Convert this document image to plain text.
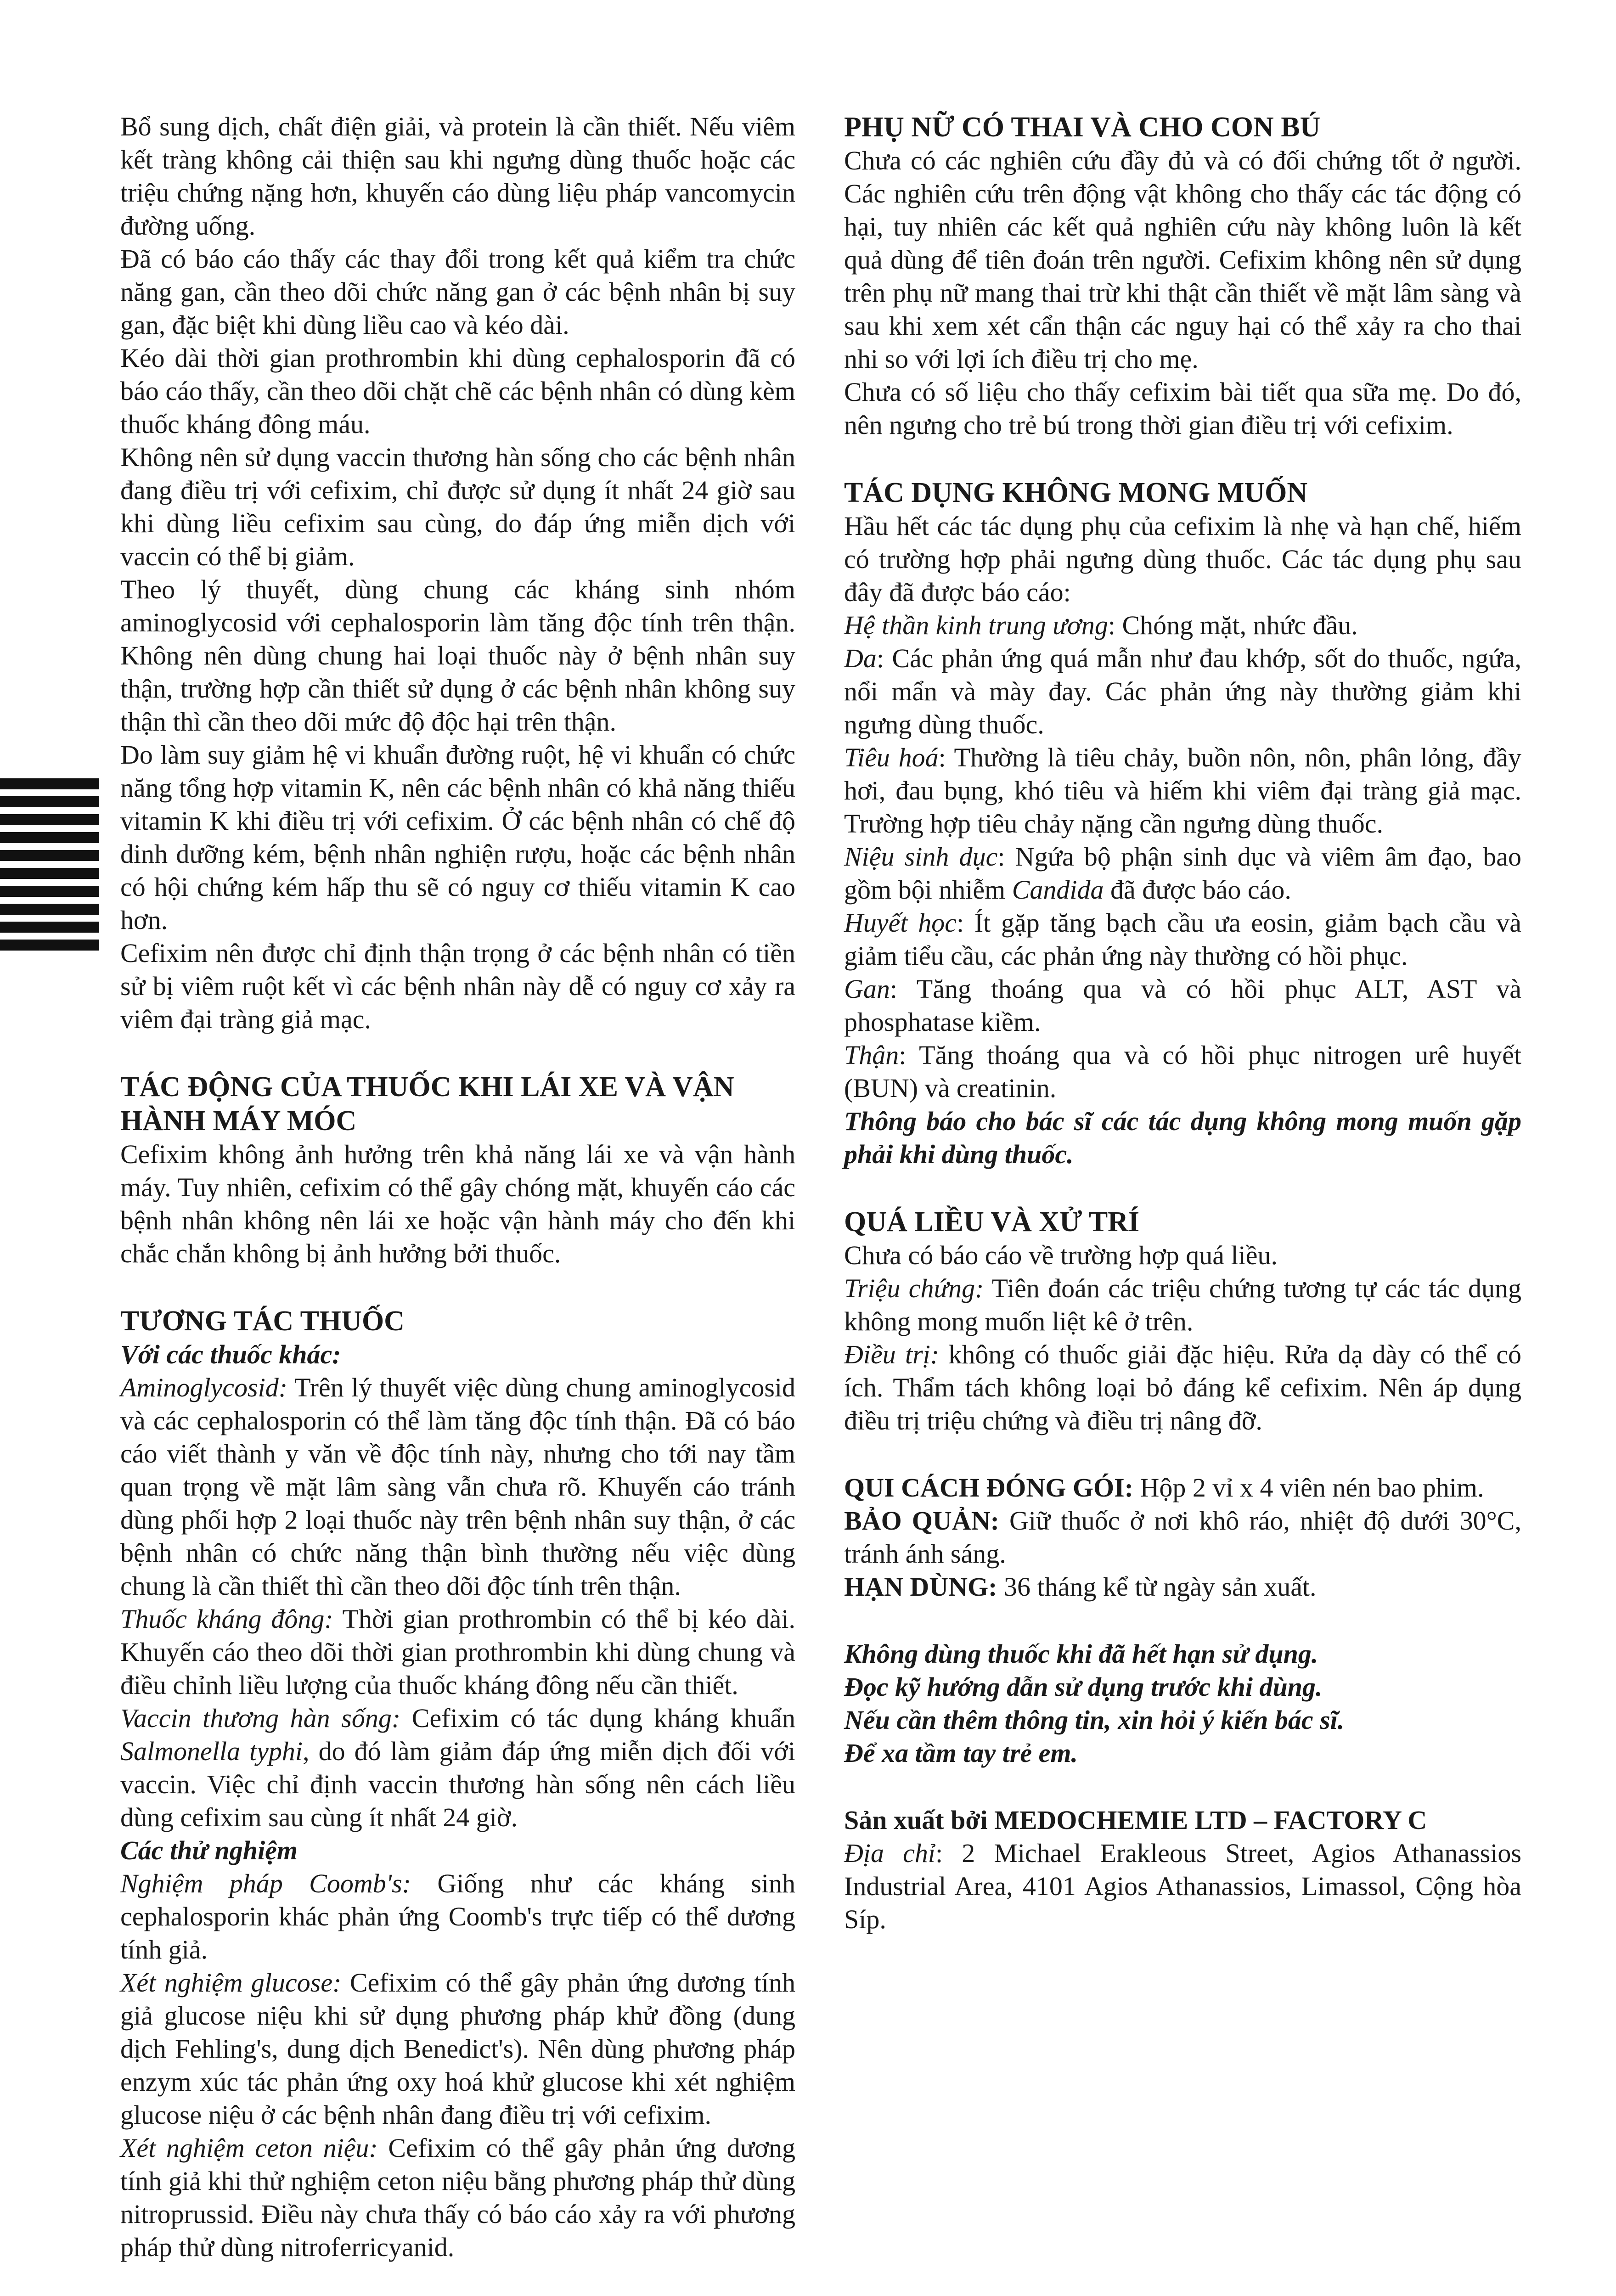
Bổ sung dịch, chất điện giải, và protein là cần thiết. Nếu viêm kết tràng không cải thiện sau khi ngưng dùng thuốc hoặc các triệu chứng nặng hơn, khuyến cáo dùng liệu pháp vancomycin đường uống.

Đã có báo cáo thấy các thay đổi trong kết quả kiểm tra chức năng gan, cần theo dõi chức năng gan ở các bệnh nhân bị suy gan, đặc biệt khi dùng liều cao và kéo dài.

Kéo dài thời gian prothrombin khi dùng cephalosporin đã có báo cáo thấy, cần theo dõi chặt chẽ các bệnh nhân có dùng kèm thuốc kháng đông máu.

Không nên sử dụng vaccin thương hàn sống cho các bệnh nhân đang điều trị với cefixim, chỉ được sử dụng ít nhất 24 giờ sau khi dùng liều cefixim sau cùng, do đáp ứng miễn dịch với vaccin có thể bị giảm.

Theo lý thuyết, dùng chung các kháng sinh nhóm aminoglycosid với cephalosporin làm tăng độc tính trên thận. Không nên dùng chung hai loại thuốc này ở bệnh nhân suy thận, trường hợp cần thiết sử dụng ở các bệnh nhân không suy thận thì cần theo dõi mức độ độc hại trên thận.

Do làm suy giảm hệ vi khuẩn đường ruột, hệ vi khuẩn có chức năng tổng hợp vitamin K, nên các bệnh nhân có khả năng thiếu vitamin K khi điều trị với cefixim. Ở các bệnh nhân có chế độ dinh dưỡng kém, bệnh nhân nghiện rượu, hoặc các bệnh nhân có hội chứng kém hấp thu sẽ có nguy cơ thiếu vitamin K cao hơn.

Cefixim nên được chỉ định thận trọng ở các bệnh nhân có tiền sử bị viêm ruột kết vì các bệnh nhân này dễ có nguy cơ xảy ra viêm đại tràng giả mạc.

TÁC ĐỘNG CỦA THUỐC KHI LÁI XE VÀ VẬN HÀNH MÁY MÓC

Cefixim không ảnh hưởng trên khả năng lái xe và vận hành máy. Tuy nhiên, cefixim có thể gây chóng mặt, khuyến cáo các bệnh nhân không nên lái xe hoặc vận hành máy cho đến khi chắc chắn không bị ảnh hưởng bởi thuốc.

TƯƠNG TÁC THUỐC

Với các thuốc khác:

Aminoglycosid: Trên lý thuyết việc dùng chung aminoglycosid và các cephalosporin có thể làm tăng độc tính thận. Đã có báo cáo viết thành y văn về độc tính này, nhưng cho tới nay tầm quan trọng về mặt lâm sàng vẫn chưa rõ. Khuyến cáo tránh dùng phối hợp 2 loại thuốc này trên bệnh nhân suy thận, ở các bệnh nhân có chức năng thận bình thường nếu việc dùng chung là cần thiết thì cần theo dõi độc tính trên thận.

Thuốc kháng đông: Thời gian prothrombin có thể bị kéo dài. Khuyến cáo theo dõi thời gian prothrombin khi dùng chung và điều chỉnh liều lượng của thuốc kháng đông nếu cần thiết.

Vaccin thương hàn sống: Cefixim có tác dụng kháng khuẩn Salmonella typhi, do đó làm giảm đáp ứng miễn dịch đối với vaccin. Việc chỉ định vaccin thương hàn sống nên cách liều dùng cefixim sau cùng ít nhất 24 giờ.

Các thử nghiệm

Nghiệm pháp Coomb's: Giống như các kháng sinh cephalosporin khác phản ứng Coomb's trực tiếp có thể dương tính giả.

Xét nghiệm glucose: Cefixim có thể gây phản ứng dương tính giả glucose niệu khi sử dụng phương pháp khử đồng (dung dịch Fehling's, dung dịch Benedict's). Nên dùng phương pháp enzym xúc tác phản ứng oxy hoá khử glucose khi xét nghiệm glucose niệu ở các bệnh nhân đang điều trị với cefixim.

Xét nghiệm ceton niệu: Cefixim có thể gây phản ứng dương tính giả khi thử nghiệm ceton niệu bằng phương pháp thử dùng nitroprussid. Điều này chưa thấy có báo cáo xảy ra với phương pháp thử dùng nitroferricyanid.

PHỤ NỮ CÓ THAI VÀ CHO CON BÚ

Chưa có các nghiên cứu đầy đủ và có đối chứng tốt ở người. Các nghiên cứu trên động vật không cho thấy các tác động có hại, tuy nhiên các kết quả nghiên cứu này không luôn là kết quả dùng để tiên đoán trên người. Cefixim không nên sử dụng trên phụ nữ mang thai trừ khi thật cần thiết về mặt lâm sàng và sau khi xem xét cẩn thận các nguy hại có thể xảy ra cho thai nhi so với lợi ích điều trị cho mẹ.

Chưa có số liệu cho thấy cefixim bài tiết qua sữa mẹ. Do đó, nên ngưng cho trẻ bú trong thời gian điều trị với cefixim.

TÁC DỤNG KHÔNG MONG MUỐN

Hầu hết các tác dụng phụ của cefixim là nhẹ và hạn chế, hiếm có trường hợp phải ngưng dùng thuốc. Các tác dụng phụ sau đây đã được báo cáo:

Hệ thần kinh trung ương: Chóng mặt, nhức đầu.

Da: Các phản ứng quá mẫn như đau khớp, sốt do thuốc, ngứa, nổi mẩn và mày đay. Các phản ứng này thường giảm khi ngưng dùng thuốc.

Tiêu hoá: Thường là tiêu chảy, buồn nôn, nôn, phân lỏng, đầy hơi, đau bụng, khó tiêu và hiếm khi viêm đại tràng giả mạc. Trường hợp tiêu chảy nặng cần ngưng dùng thuốc.

Niệu sinh dục: Ngứa bộ phận sinh dục và viêm âm đạo, bao gồm bội nhiễm Candida đã được báo cáo.

Huyết học: Ít gặp tăng bạch cầu ưa eosin, giảm bạch cầu và giảm tiểu cầu, các phản ứng này thường có hồi phục.

Gan: Tăng thoáng qua và có hồi phục ALT, AST và phosphatase kiềm.

Thận: Tăng thoáng qua và có hồi phục nitrogen urê huyết (BUN) và creatinin.

Thông báo cho bác sĩ các tác dụng không mong muốn gặp phải khi dùng thuốc.

QUÁ LIỀU VÀ XỬ TRÍ

Chưa có báo cáo về trường hợp quá liều.

Triệu chứng: Tiên đoán các triệu chứng tương tự các tác dụng không mong muốn liệt kê ở trên.

Điều trị: không có thuốc giải đặc hiệu. Rửa dạ dày có thể có ích. Thẩm tách không loại bỏ đáng kể cefixim. Nên áp dụng điều trị triệu chứng và điều trị nâng đỡ.

QUI CÁCH ĐÓNG GÓI: Hộp 2 vỉ x 4 viên nén bao phim.

BẢO QUẢN: Giữ thuốc ở nơi khô ráo, nhiệt độ dưới 30°C, tránh ánh sáng.

HẠN DÙNG: 36 tháng kể từ ngày sản xuất.

Không dùng thuốc khi đã hết hạn sử dụng.

Đọc kỹ hướng dẫn sử dụng trước khi dùng.

Nếu cần thêm thông tin, xin hỏi ý kiến bác sĩ.

Để xa tầm tay trẻ em.

Sản xuất bởi MEDOCHEMIE LTD – FACTORY C

Địa chỉ: 2 Michael Erakleous Street, Agios Athanassios Industrial Area, 4101 Agios Athanassios, Limassol, Cộng hòa Síp.
